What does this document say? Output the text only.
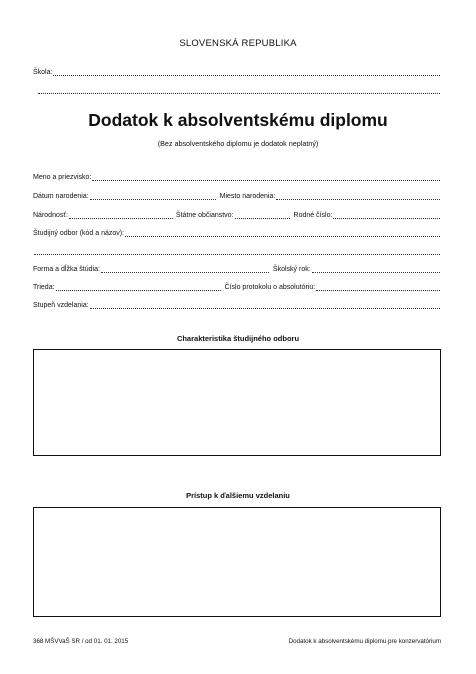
SLOVENSKÁ REPUBLIKA
Škola:
Dodatok k absolventskému diplomu
(Bez absolventského diplomu je dodatok neplatný)
Meno a priezvisko:
Dátum narodenia:	Miesto narodenia:
Národnosť:	Štátne občianstvo:	Rodné číslo:
Študijný odbor (kód a názov):
Forma a dĺžka štúdia:	Školský rok:
Trieda:	Číslo protokolu o absolutóriu:
Stupeň vzdelania:
Charakteristika študijného odboru
Prístup k ďalšiemu vzdelaniu
368 MŠVVaŠ SR / od 01. 01. 2015	Dodatok k absolventskému diplomu pre konzervatórium
